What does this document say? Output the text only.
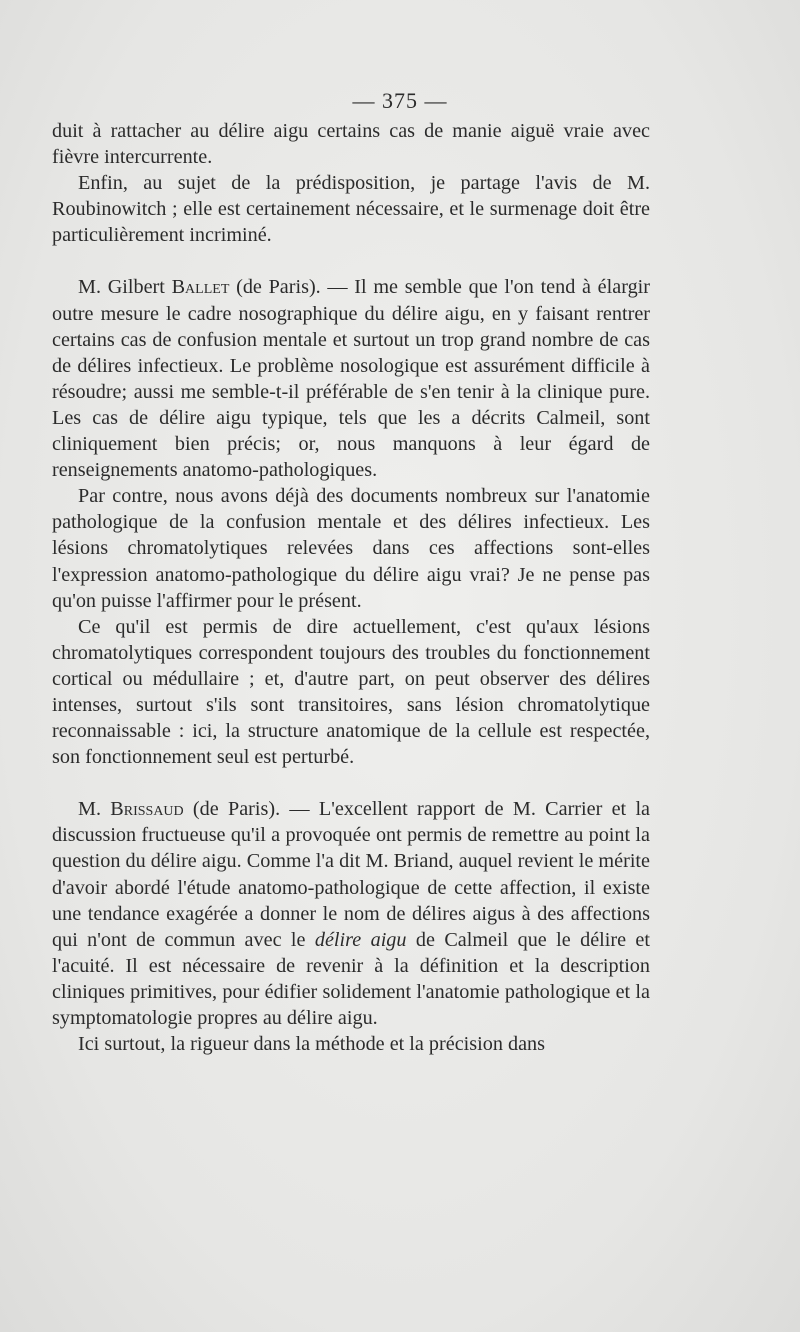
— 375 —

duit à rattacher au délire aigu certains cas de manie aiguë vraie avec fièvre intercurrente.

Enfin, au sujet de la prédisposition, je partage l'avis de M. Roubinowitch ; elle est certainement nécessaire, et le surmenage doit être particulièrement incriminé.

M. Gilbert Ballet (de Paris). — Il me semble que l'on tend à élargir outre mesure le cadre nosographique du délire aigu, en y faisant rentrer certains cas de confusion mentale et surtout un trop grand nombre de cas de délires infectieux. Le problème nosologique est assurément difficile à résoudre; aussi me semble-t-il préférable de s'en tenir à la clinique pure. Les cas de délire aigu typique, tels que les a décrits Calmeil, sont cliniquement bien précis; or, nous manquons à leur égard de renseignements anatomo-pathologiques.

Par contre, nous avons déjà des documents nombreux sur l'anatomie pathologique de la confusion mentale et des délires infectieux. Les lésions chromatolytiques relevées dans ces affections sont-elles l'expression anatomo-pathologique du délire aigu vrai? Je ne pense pas qu'on puisse l'affirmer pour le présent.

Ce qu'il est permis de dire actuellement, c'est qu'aux lésions chromatolytiques correspondent toujours des troubles du fonctionnement cortical ou médullaire ; et, d'autre part, on peut observer des délires intenses, surtout s'ils sont transitoires, sans lésion chromatolytique reconnaissable : ici, la structure anatomique de la cellule est respectée, son fonctionnement seul est perturbé.

M. Brissaud (de Paris). — L'excellent rapport de M. Carrier et la discussion fructueuse qu'il a provoquée ont permis de remettre au point la question du délire aigu. Comme l'a dit M. Briand, auquel revient le mérite d'avoir abordé l'étude anatomo-pathologique de cette affection, il existe une tendance exagérée a donner le nom de délires aigus à des affections qui n'ont de commun avec le délire aigu de Calmeil que le délire et l'acuité. Il est nécessaire de revenir à la définition et la description cliniques primitives, pour édifier solidement l'anatomie pathologique et la symptomatologie propres au délire aigu.

Ici surtout, la rigueur dans la méthode et la précision dans
